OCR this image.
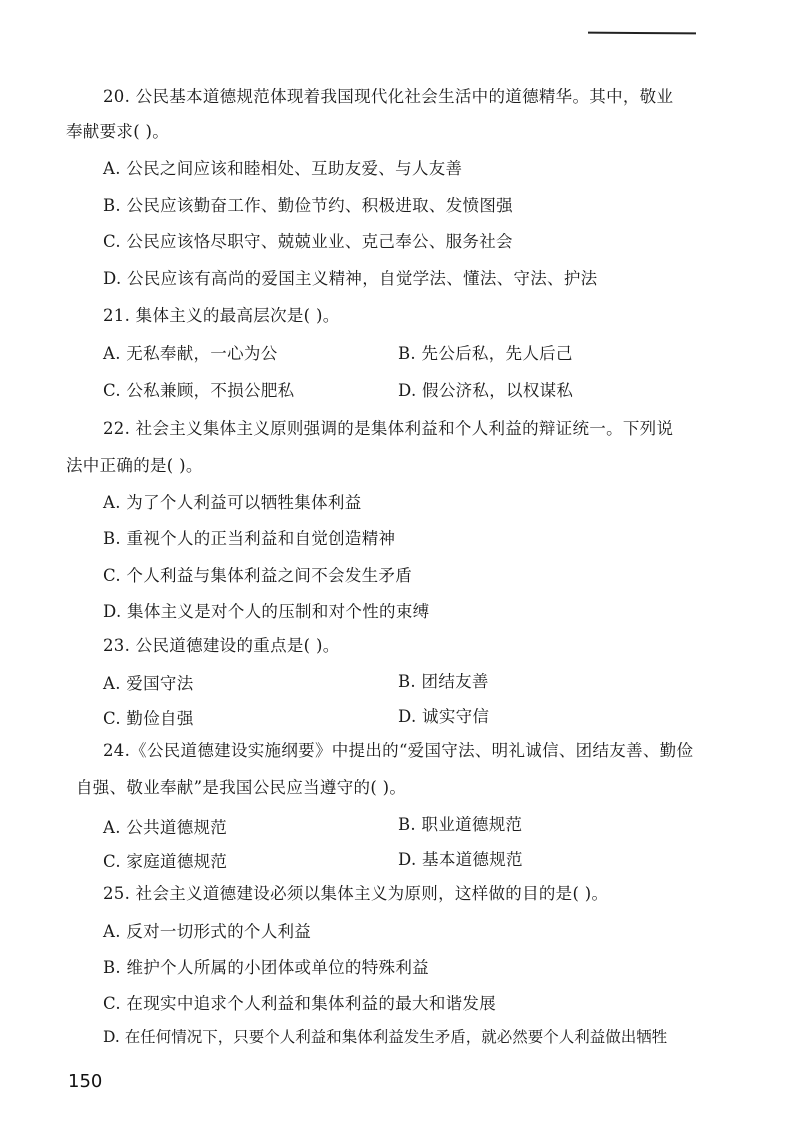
20. 公民基本道德规范体现着我国现代化社会生活中的道德精华。其中，敬业
奉献要求( )。
A. 公民之间应该和睦相处、互助友爱、与人友善
B. 公民应该勤奋工作、勤俭节约、积极进取、发愤图强
C. 公民应该恪尽职守、兢兢业业、克己奉公、服务社会
D. 公民应该有高尚的爱国主义精神，自觉学法、懂法、守法、护法
21. 集体主义的最高层次是( )。
A. 无私奉献，一心为公	B. 先公后私，先人后己
C. 公私兼顾，不损公肥私	D. 假公济私，以权谋私
22. 社会主义集体主义原则强调的是集体利益和个人利益的辩证统一。下列说
法中正确的是( )。
A. 为了个人利益可以牺牲集体利益
B. 重视个人的正当利益和自觉创造精神
C. 个人利益与集体利益之间不会发生矛盾
D. 集体主义是对个人的压制和对个性的束缚
23. 公民道德建设的重点是( )。
A. 爱国守法	B. 团结友善
C. 勤俭自强	D. 诚实守信
24.《公民道德建设实施纲要》中提出的“爱国守法、明礼诚信、团结友善、勤俭
自强、敬业奉献”是我国公民应当遵守的( )。
A. 公共道德规范	B. 职业道德规范
C. 家庭道德规范	D. 基本道德规范
25. 社会主义道德建设必须以集体主义为原则，这样做的目的是( )。
A. 反对一切形式的个人利益
B. 维护个人所属的小团体或单位的特殊利益
C. 在现实中追求个人利益和集体利益的最大和谐发展
D. 在任何情况下，只要个人利益和集体利益发生矛盾，就必然要个人利益做出牺牲
150
